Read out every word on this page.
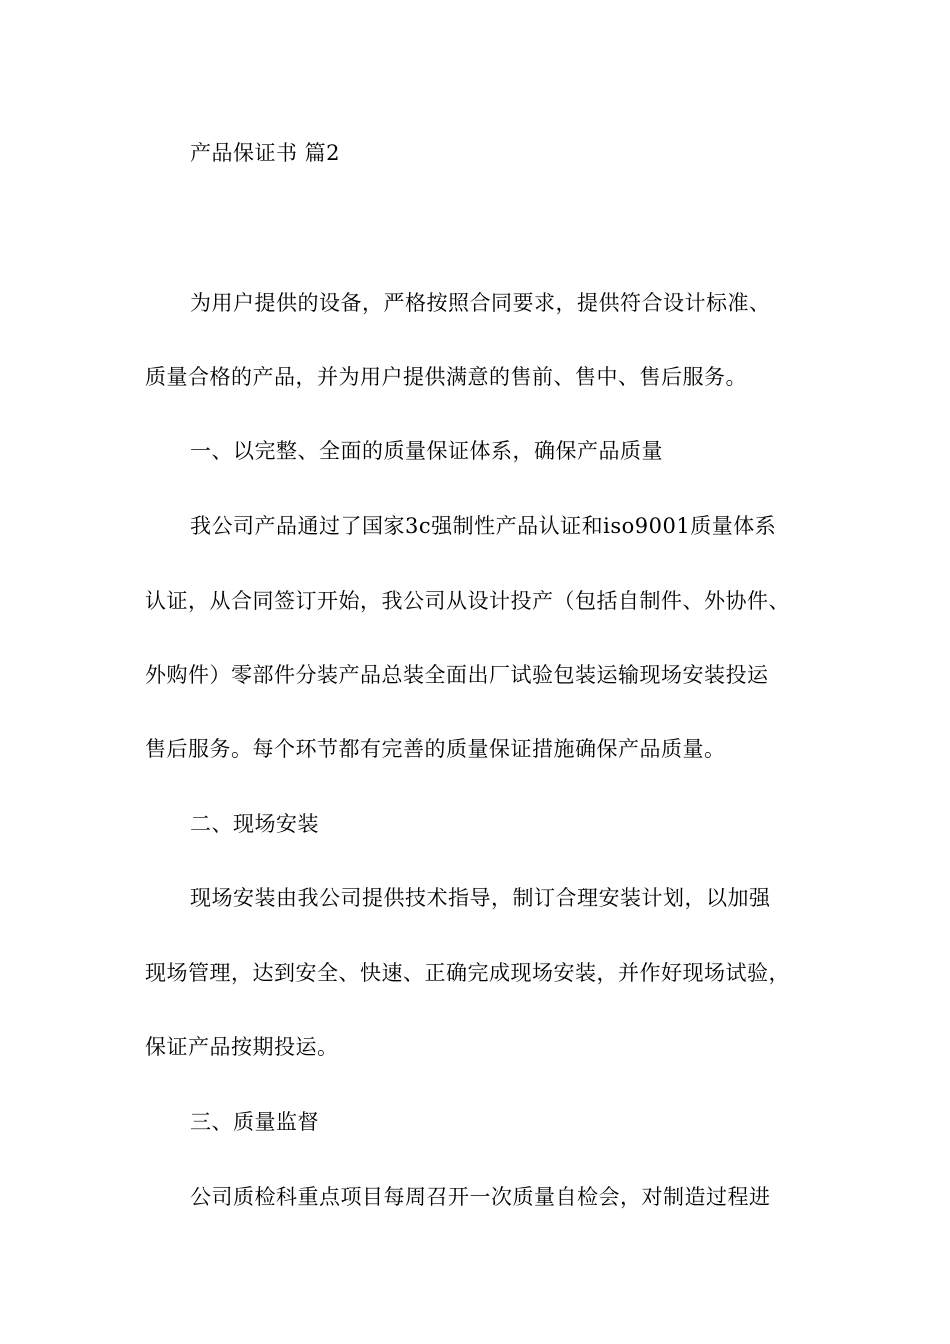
产品保证书 篇2
为用户提供的设备，严格按照合同要求，提供符合设计标准、
质量合格的产品，并为用户提供满意的售前、售中、售后服务。
一、以完整、全面的质量保证体系，确保产品质量
我公司产品通过了国家3c强制性产品认证和iso9001质量体系
认证，从合同签订开始，我公司从设计投产（包括自制件、外协件、
外购件）零部件分装产品总装全面出厂试验包装运输现场安装投运
售后服务。每个环节都有完善的质量保证措施确保产品质量。
二、现场安装
现场安装由我公司提供技术指导，制订合理安装计划，以加强
现场管理，达到安全、快速、正确完成现场安装，并作好现场试验，
保证产品按期投运。
三、质量监督
公司质检科重点项目每周召开一次质量自检会，对制造过程进
